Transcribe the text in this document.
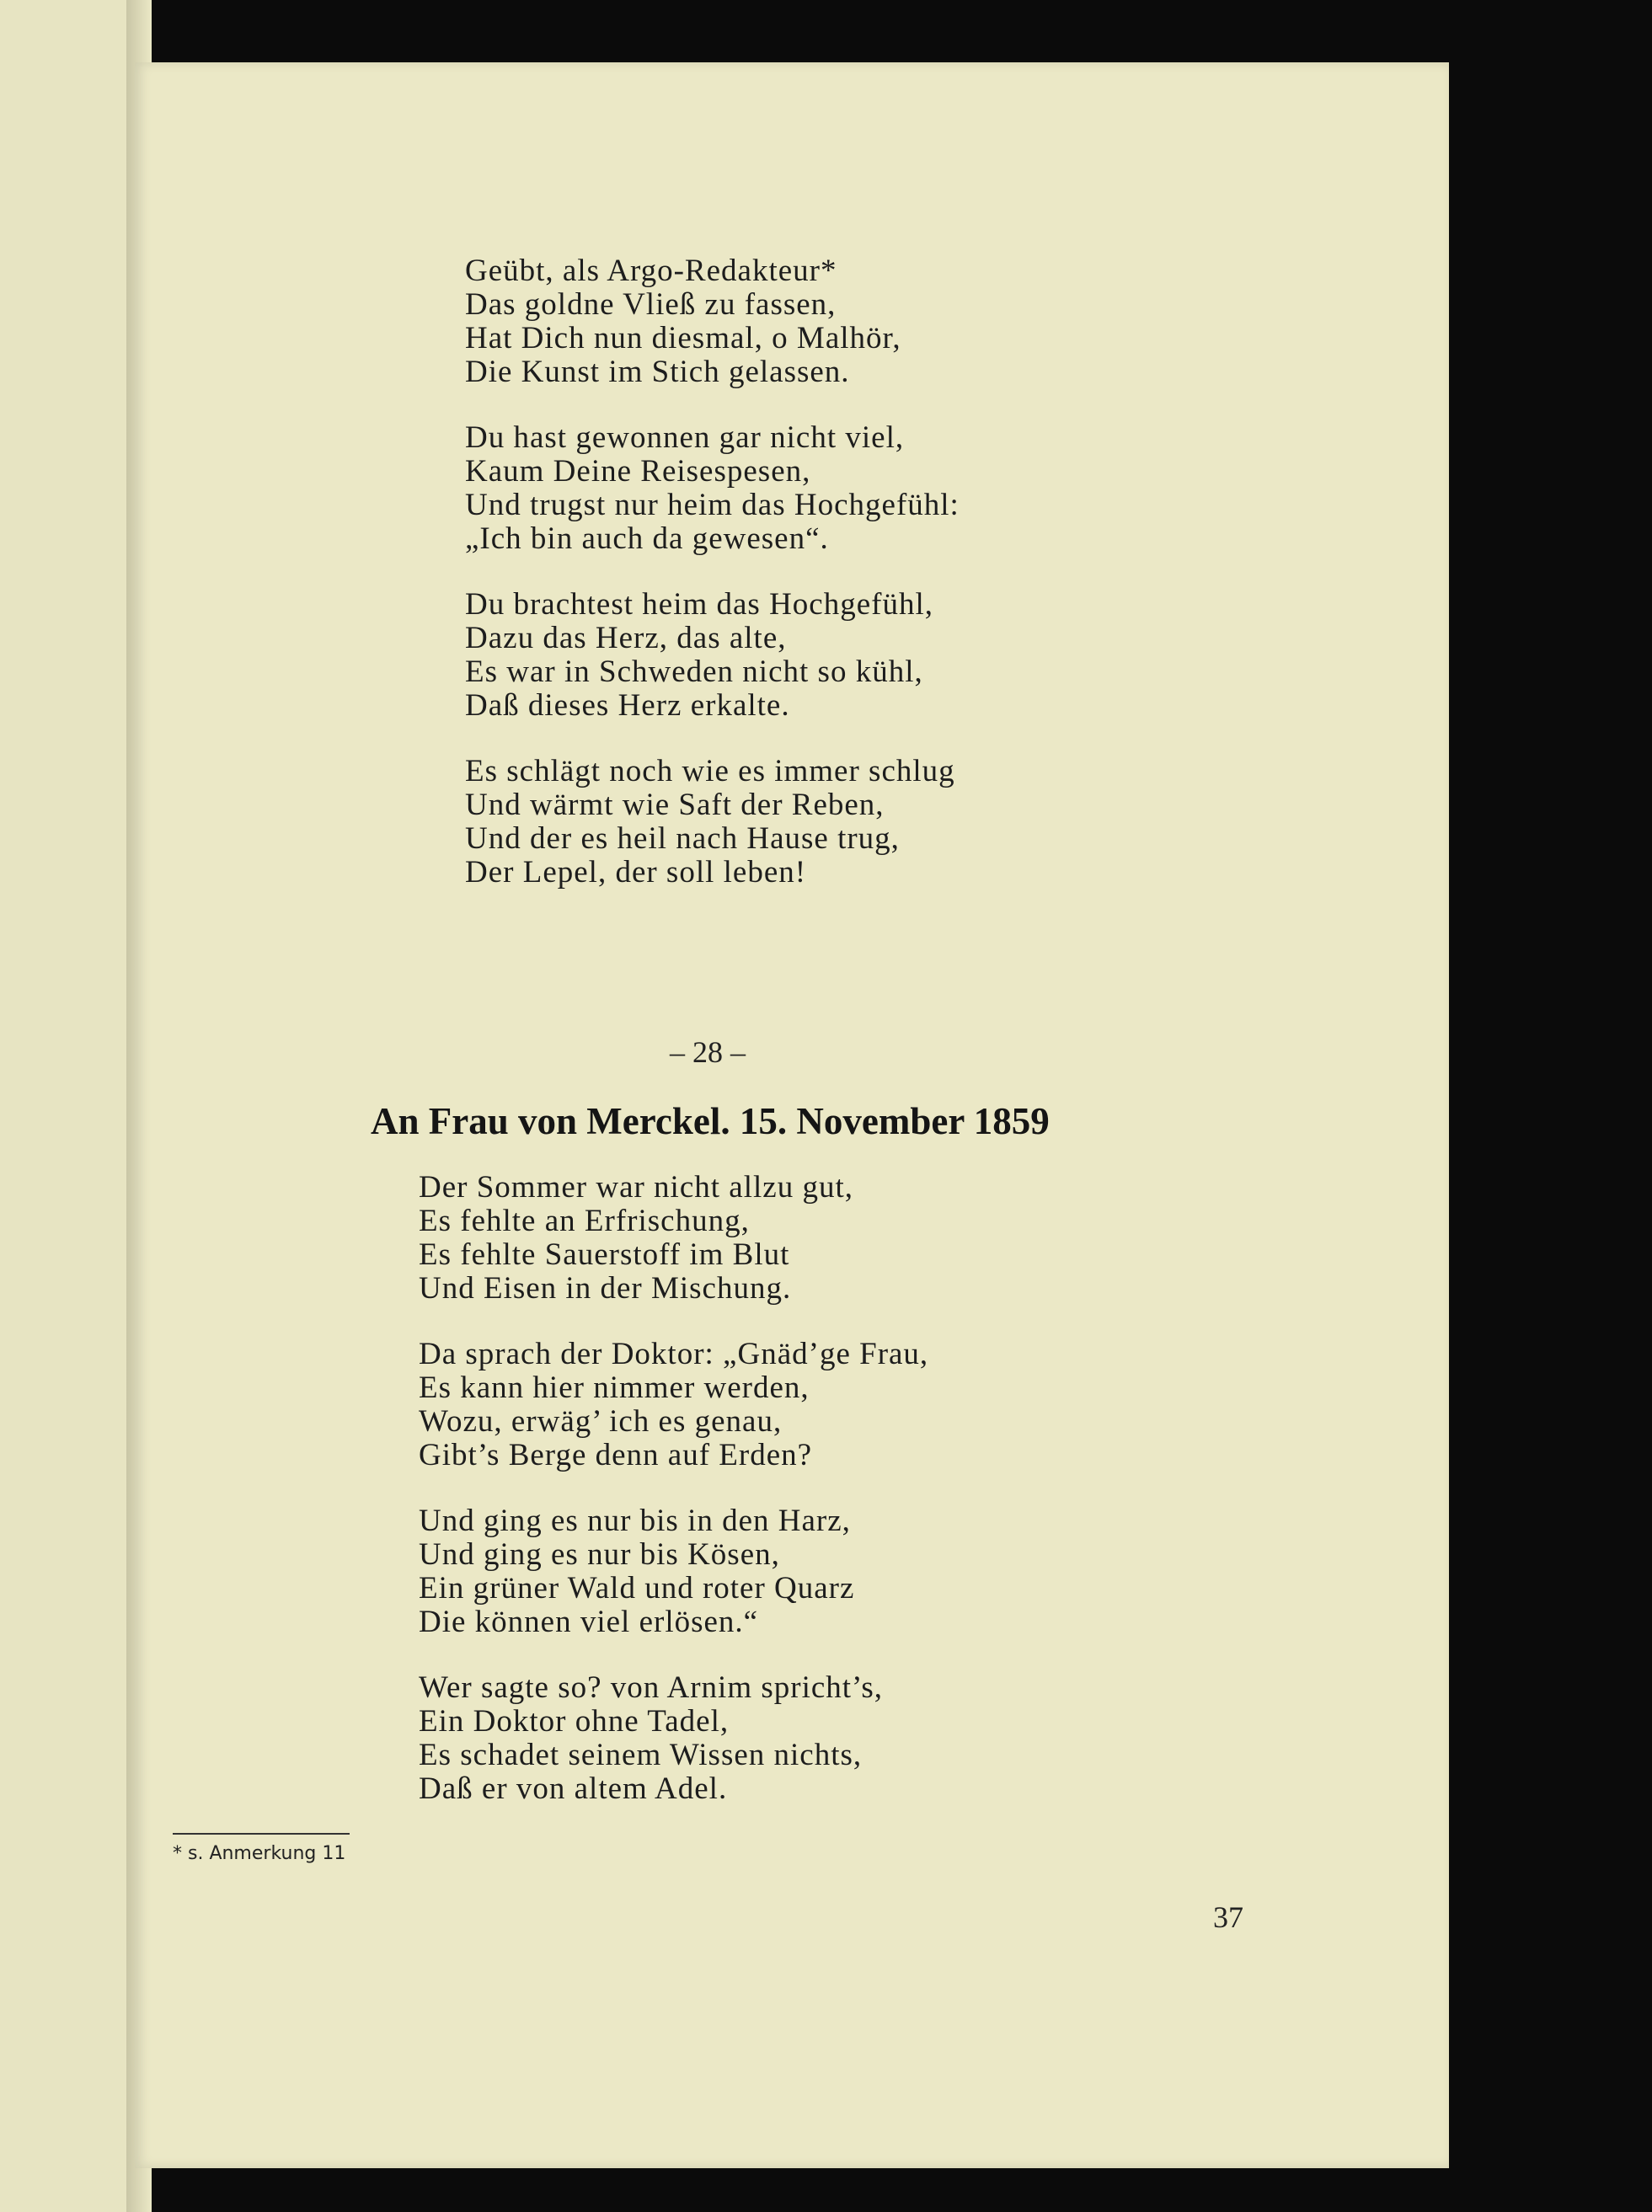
Geübt, als Argo-Redakteur*
Das goldne Vließ zu fassen,
Hat Dich nun diesmal, o Malhör,
Die Kunst im Stich gelassen.
Du hast gewonnen gar nicht viel,
Kaum Deine Reisespesen,
Und trugst nur heim das Hochgefühl:
„Ich bin auch da gewesen“.
Du brachtest heim das Hochgefühl,
Dazu das Herz, das alte,
Es war in Schweden nicht so kühl,
Daß dieses Herz erkalte.
Es schlägt noch wie es immer schlug
Und wärmt wie Saft der Reben,
Und der es heil nach Hause trug,
Der Lepel, der soll leben!
– 28 –
An Frau von Merckel. 15. November 1859
Der Sommer war nicht allzu gut,
Es fehlte an Erfrischung,
Es fehlte Sauerstoff im Blut
Und Eisen in der Mischung.
Da sprach der Doktor: „Gnäd’ge Frau,
Es kann hier nimmer werden,
Wozu, erwäg’ ich es genau,
Gibt’s Berge denn auf Erden?
Und ging es nur bis in den Harz,
Und ging es nur bis Kösen,
Ein grüner Wald und roter Quarz
Die können viel erlösen.“
Wer sagte so? von Arnim spricht’s,
Ein Doktor ohne Tadel,
Es schadet seinem Wissen nichts,
Daß er von altem Adel.
* s. Anmerkung 11
37
